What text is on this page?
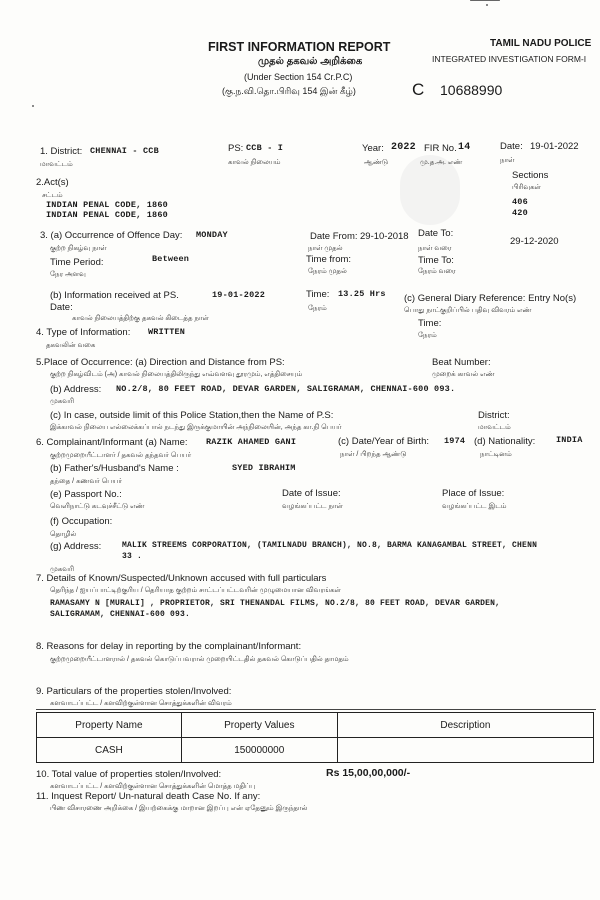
FIRST INFORMATION REPORT
முதல் தகவல் அறிக்கை
(Under Section 154 Cr.P.C)
(கு.ந.வி.தொ.பிரிவு 154 இன் கீழ்)
TAMIL NADU POLICE
INTEGRATED INVESTIGATION FORM-I
C 10688990
1. District: CHENNAI - CCB
மாவட்டம்
PS: CCB - I
காவல் நிலையம்
Year: 2022 FIR No. 14
ஆண்டு	மு.த.அ. எண்
Date: 19-01-2022
நாள்
2.Act(s)
சட்டம்
INDIAN PENAL CODE, 1860
INDIAN PENAL CODE, 1860
Sections
பிரிவுகள்
406
420
3. (a) Occurrence of Offence Day: MONDAY
குற்ற நிகழ்வு நாள்
Date From: 29-10-2018
நாள் முதல்
Date To:
29-12-2020
நாள் வரை
Time Period:
நேர அளவு
Between	Time from:
நேரம் முதல்
Time To:
நேரம் வரை
(b) Information received at PS.
Date:
19-01-2022
காவல் நிலையத்திற்கு தகவல் கிடைத்த நாள்
Time: 13.25 Hrs
நேரம்
(c) General Diary Reference: Entry No(s)
பொது நாட்குறிப்பில் பதிவு விவரம் எண்
Time:
நேரம்
4. Type of Information: WRITTEN
தகவலின் வகை
5.Place of Occurrence: (a) Direction and Distance from PS:
குற்ற நிகழ்விடம் (அ) காவல் நிலையத்திலிருந்து எவ்வளவு தூரமும், எத்திசையும்
Beat Number:
முறைக் காவல் எண்
(b) Address: NO.2/8, 80 FEET ROAD, DEVAR GARDEN, SALIGRAMAM, CHENNAI-600 093.
முகவரி
(c) In case, outside limit of this Police Station,then the Name of P.S:
இக்காவல் நிலைய எல்லைக்கப்பால் நடந்து இருக்குமாயின் அந்நிலையின், அந்த கா.நி பெயர்
District:
மாவட்டம்
6. Complainant/Informant (a) Name: RAZIK AHAMED GANI
குற்றமுறையீட்டாளர் / தகவல் தந்தவர் பெயர்
(c) Date/Year of Birth: 1974
நாள் / பிறந்த ஆண்டு
(d) Nationality: INDIA
நாட்டினம்
(b) Father's/Husband's Name :	SYED IBRAHIM
தந்தை / கணவர் பெயர்
(e) Passport No.:
வெளிநாட்டு கடவுச்சீட்டு எண்
Date of Issue:
வழங்கப்பட்ட நாள்
Place of Issue:
வழங்கப்பட்ட இடம்
(f) Occupation:
தொழில்
(g) Address:	MALIK STREEMS CORPORATION, (TAMILNADU BRANCH), NO.8, BARMA KANAGAMBAL STREET, CHENN
33 .
முகவரி
7. Details of Known/Suspected/Unknown accused with full particulars
தெரிந்த / ஐயப்பாட்டிற்குரிய / தெரியாத குற்றம் சாட்டப்பட்டவரின் முழுமையான விவரங்கள்
RAMASAMY N [MURALI] , PROPRIETOR, SRI THENANDAL FILMS, NO.2/8, 80 FEET ROAD, DEVAR GARDEN,
SALIGRAMAM, CHENNAI-600 093.
8. Reasons for delay in reporting by the complainant/Informant:
குற்றமுறையீட்டாளரால் / தகவல் கொடுப்பவரால் முறையிட்டதில் தகவல் கொடுப்பதில் தாமதம்
9. Particulars of the properties stolen/Involved:
களவாடப்பட்ட / களவிற்குள்ளான சொத்துக்களின் விவரம்
Property Name	Property Values	Description
CASH	150000000	
10. Total value of properties stolen/Involved:
களவாடப்பட்ட / களவிற்குள்ளான சொத்துக்களின் மொத்த மதிப்பு
Rs 15,00,00,000/-
11. Inquest Report/ Un-natural death Case No. If any:
பிண விசாரணை அறிக்கை / இயற்கைக்கு மாறான இறப்பு என் ஏதேனும் இருந்தால்
